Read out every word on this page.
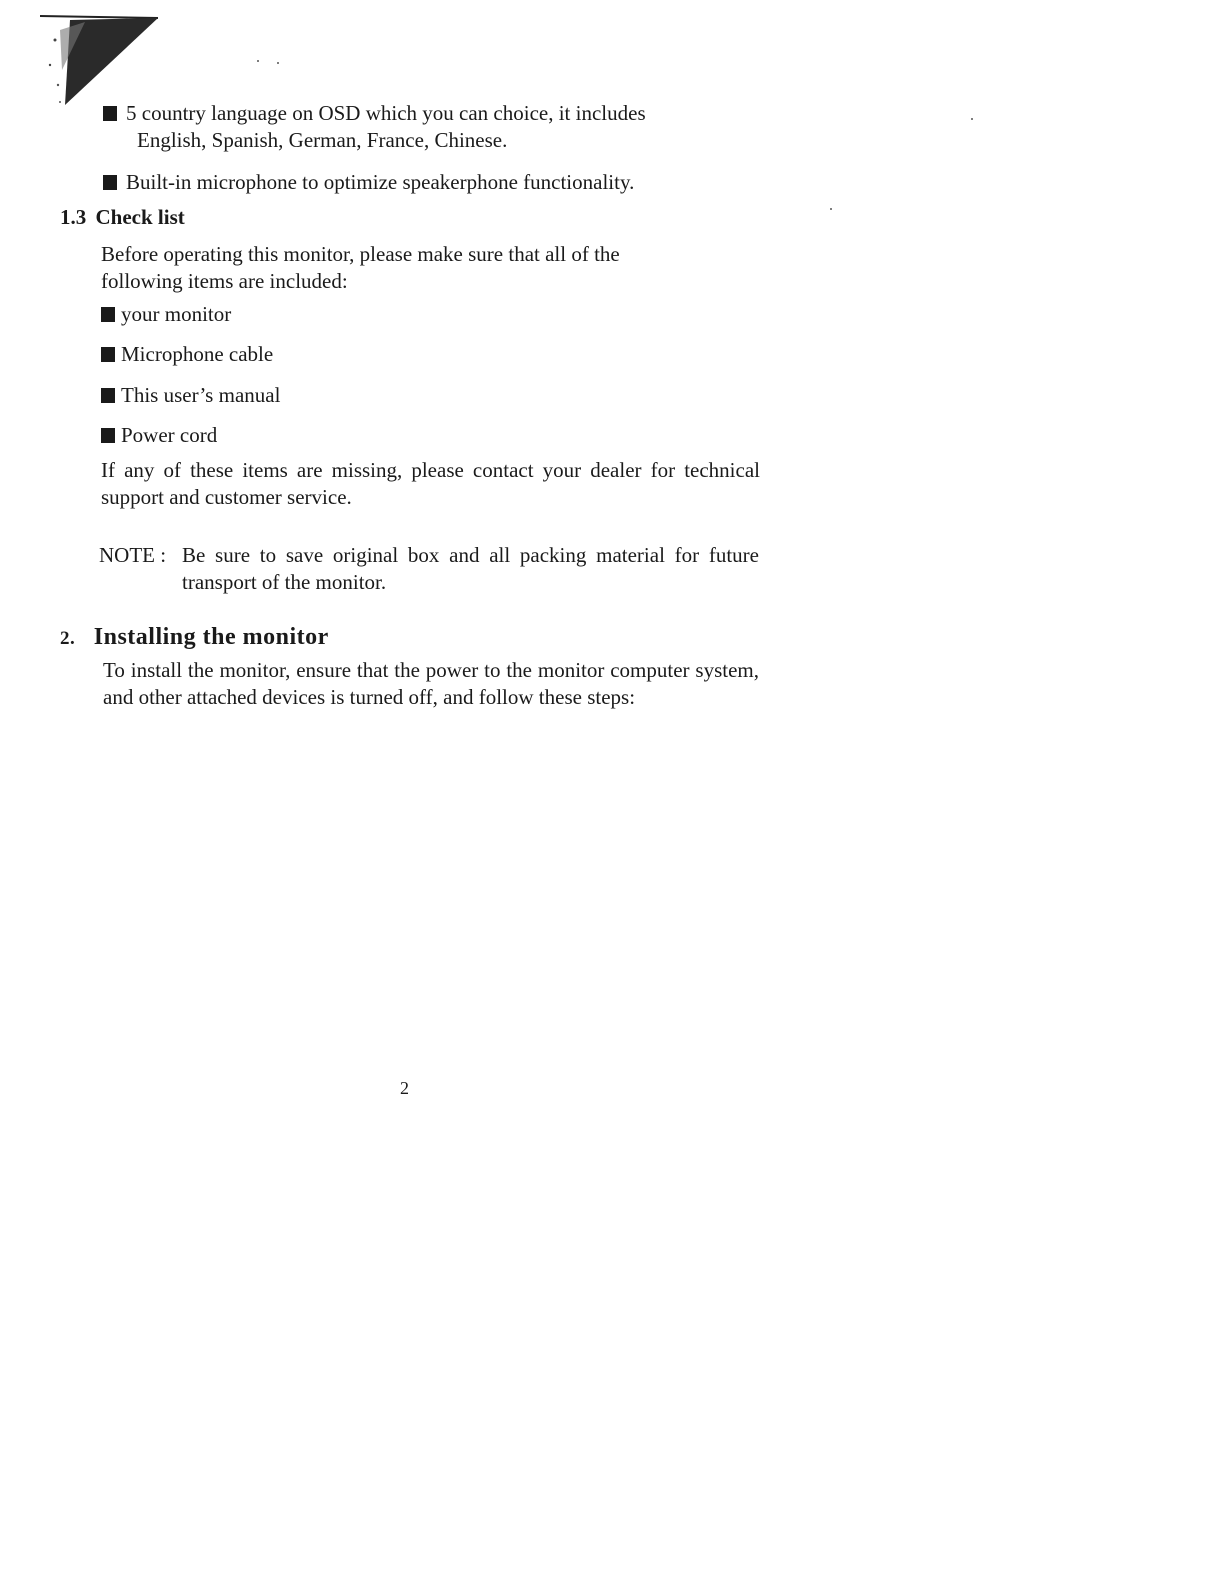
5 country language on OSD which you can choice, it includes
English, Spanish, German, France, Chinese.
Built-in microphone to optimize speakerphone functionality.
1.3 Check list
Before operating this monitor, please make sure that all of the following items are included:
your monitor
Microphone cable
This user’s manual
Power cord
If any of these items are missing, please contact your dealer for technical support and customer service.
NOTE : Be sure to save original box and all packing material for future transport of the monitor.
2. Installing the monitor
To install the monitor, ensure that the power to the monitor computer system, and other attached devices is turned off, and follow these steps:
2
